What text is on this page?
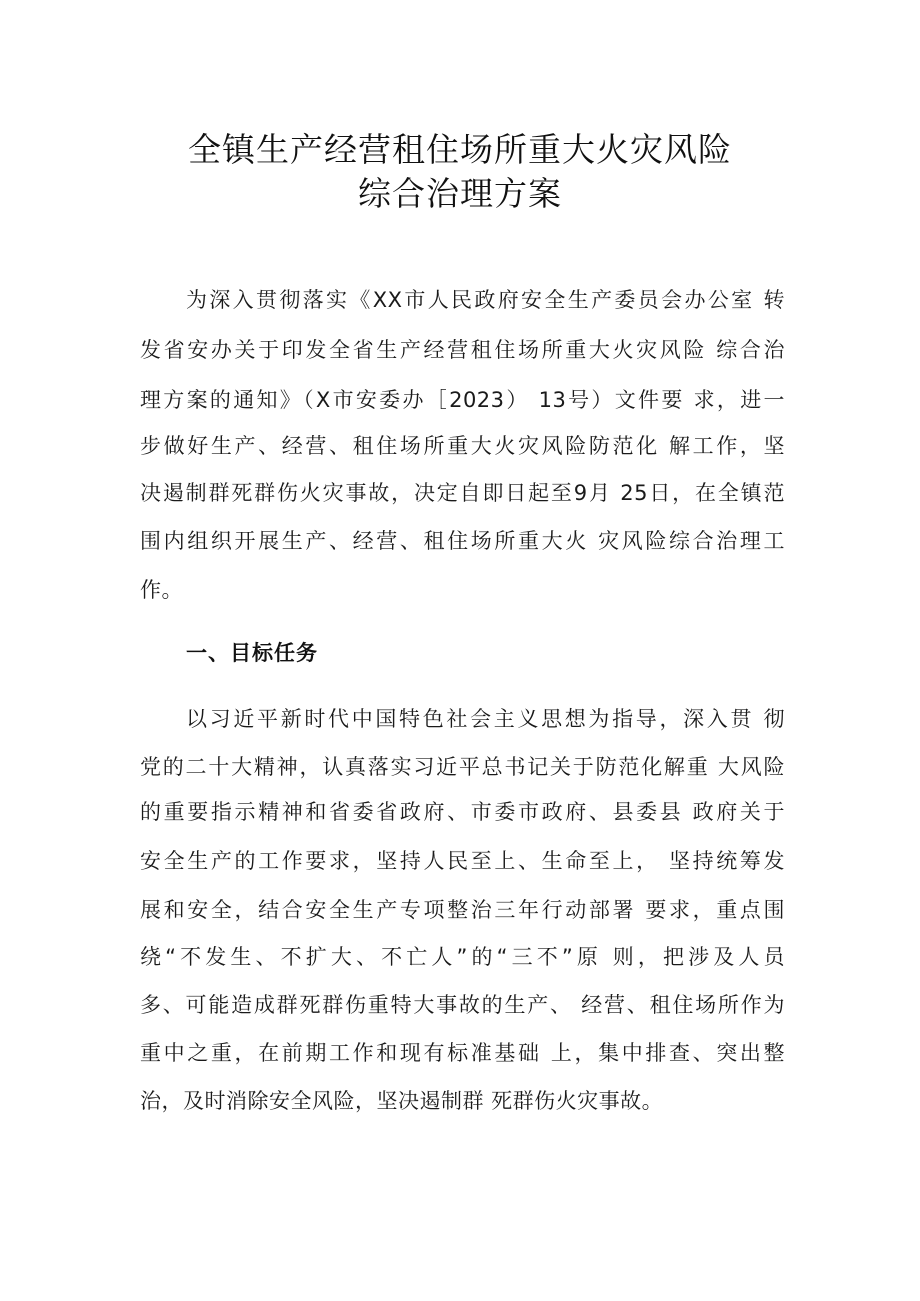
全镇生产经营租住场所重大火灾风险
综合治理方案
为深入贯彻落实《XX市人民政府安全生产委员会办公室 转
发省安办关于印发全省生产经营租住场所重大火灾风险 综合治
理方案的通知》（X市安委办［2023） 13号）文件要 求，进一
步做好生产、经营、租住场所重大火灾风险防范化 解工作，坚
决遏制群死群伤火灾事故，决定自即日起至9月 25日，在全镇范
围内组织开展生产、经营、租住场所重大火 灾风险综合治理工
作。
一、目标任务
以习近平新时代中国特色社会主义思想为指导，深入贯 彻
党的二十大精神，认真落实习近平总书记关于防范化解重 大风险
的重要指示精神和省委省政府、市委市政府、县委县 政府关于
安全生产的工作要求，坚持人民至上、生命至上， 坚持统筹发
展和安全，结合安全生产专项整治三年行动部署 要求，重点围
绕“不发生、不扩大、不亡人”的“三不”原 则，把涉及人员
多、可能造成群死群伤重特大事故的生产、 经营、租住场所作为
重中之重，在前期工作和现有标准基础 上，集中排查、突出整
治，及时消除安全风险，坚决遏制群 死群伤火灾事故。
